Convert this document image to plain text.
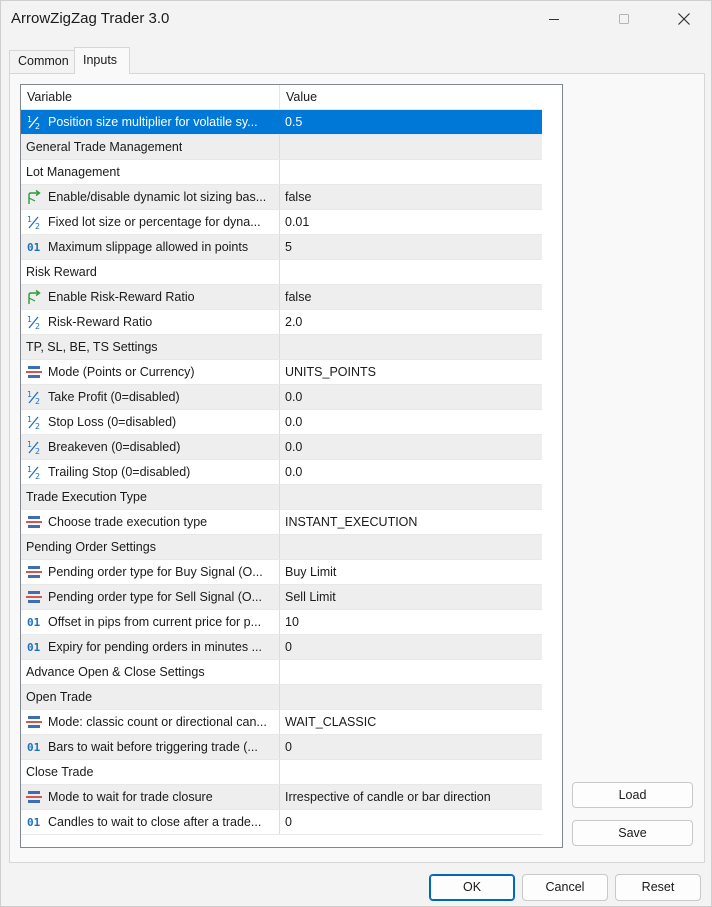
ArrowZigZag Trader 3.0
Common	Inputs
Variable	Value
1
2 Position size multiplier for volatile sy...	0.5
General Trade Management
Lot Management
Enable/disable dynamic lot sizing bas...	false
1
2 Fixed lot size or percentage for dyna...	0.01
01 Maximum slippage allowed in points	5
Risk Reward
Enable Risk-Reward Ratio	false
1
2 Risk-Reward Ratio	2.0
TP, SL, BE, TS Settings
Mode (Points or Currency)	UNITS_POINTS
1
2 Take Profit (0=disabled)	0.0
1
2 Stop Loss (0=disabled)	0.0
1
2 Breakeven (0=disabled)	0.0
1
2 Trailing Stop (0=disabled)	0.0
Trade Execution Type
Choose trade execution type	INSTANT_EXECUTION
Pending Order Settings
Pending order type for Buy Signal (O...	Buy Limit
Pending order type for Sell Signal (O...	Sell Limit
01 Offset in pips from current price for p...	10
01 Expiry for pending orders in minutes ...	0
Advance Open & Close Settings
Open Trade
Mode: classic count or directional can...	WAIT_CLASSIC
01 Bars to wait before triggering trade (...	0
Close Trade
Mode to wait for trade closure	Irrespective of candle or bar direction
01 Candles to wait to close after a trade...	0
Load
Save
OK	Cancel	Reset
